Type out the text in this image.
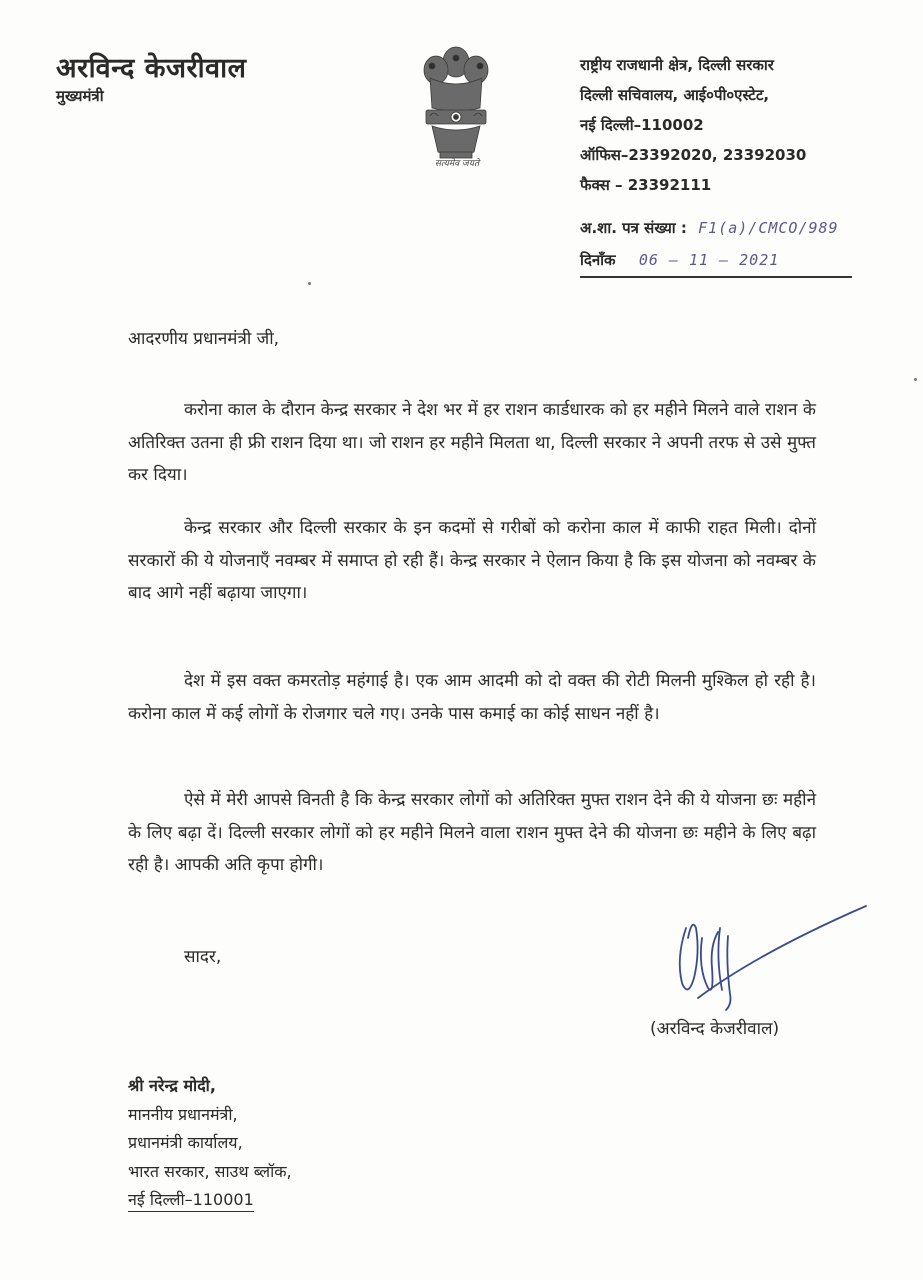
अरविन्द केजरीवाल
मुख्यमंत्री
सत्यमेव जयते
राष्ट्रीय राजधानी क्षेत्र, दिल्ली सरकार
दिल्ली सचिवालय, आई०पी०एस्टेट,
नई दिल्ली–110002
ऑफिस–23392020, 23392030
फैक्स – 23392111
अ.शा. पत्र संख्या : F1(a)/CMCO/989
दिनाँक 06 – 11 – 2021
आदरणीय प्रधानमंत्री जी,

करोना काल के दौरान केन्द्र सरकार ने देश भर में हर राशन कार्डधारक को हर महीने मिलने वाले राशन के अतिरिक्त उतना ही फ्री राशन दिया था। जो राशन हर महीने मिलता था, दिल्ली सरकार ने अपनी तरफ से उसे मुफ्त कर दिया।

केन्द्र सरकार और दिल्ली सरकार के इन कदमों से गरीबों को करोना काल में काफी राहत मिली। दोनों सरकारों की ये योजनाएँ नवम्बर में समाप्त हो रही हैं। केन्द्र सरकार ने ऐलान किया है कि इस योजना को नवम्बर के बाद आगे नहीं बढ़ाया जाएगा।

देश में इस वक्त कमरतोड़ महंगाई है। एक आम आदमी को दो वक्त की रोटी मिलनी मुश्किल हो रही है। करोना काल में कई लोगों के रोजगार चले गए। उनके पास कमाई का कोई साधन नहीं है।

ऐसे में मेरी आपसे विनती है कि केन्द्र सरकार लोगों को अतिरिक्त मुफ्त राशन देने की ये योजना छः महीने के लिए बढ़ा दें। दिल्ली सरकार लोगों को हर महीने मिलने वाला राशन मुफ्त देने की योजना छः महीने के लिए बढ़ा रही है। आपकी अति कृपा होगी।

सादर,
(अरविन्द केजरीवाल)
श्री नरेन्द्र मोदी,
माननीय प्रधानमंत्री,
प्रधानमंत्री कार्यालय,
भारत सरकार, साउथ ब्लॉक,
नई दिल्ली–110001
